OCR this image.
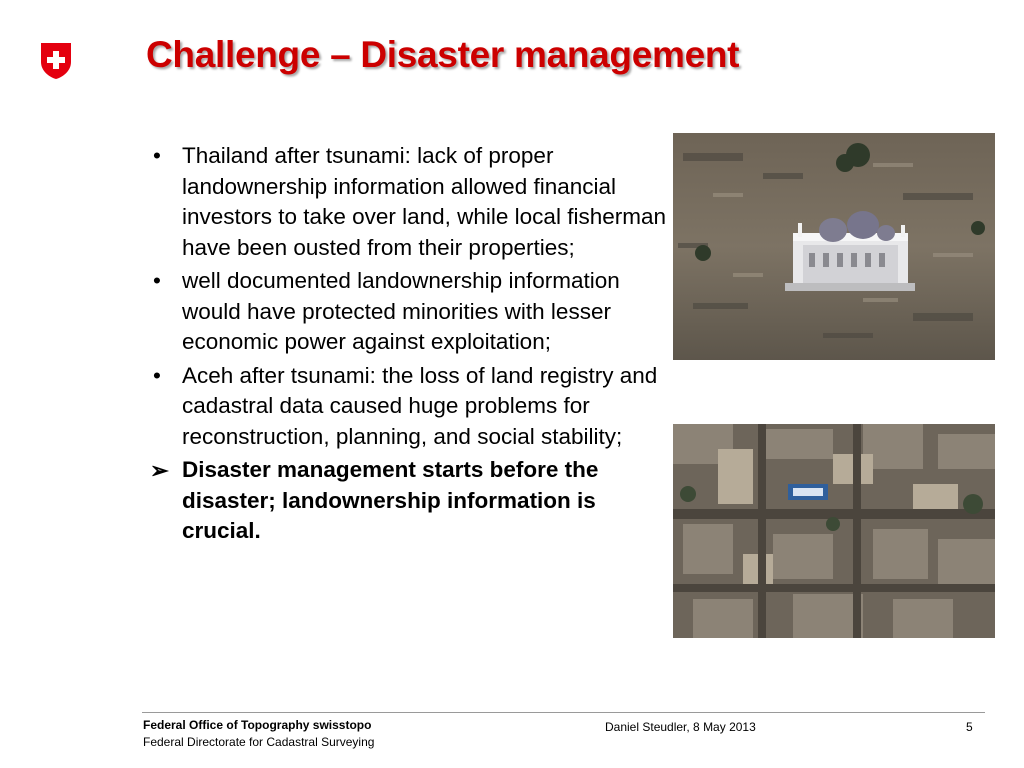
Challenge – Disaster management
• Thailand after tsunami: lack of proper landownership information allowed financial investors to take over land, while local fisherman have been ousted from their properties;
• well documented landownership information would have protected minorities with lesser economic power against exploitation;
• Aceh after tsunami: the loss of land registry and cadastral data caused huge problems for reconstruction, planning, and social stability;
➢ Disaster management starts before the disaster; landownership information is crucial.
Federal Office of Topography swisstopo
Federal Directorate for Cadastral Surveying
Daniel Steudler, 8 May 2013	5
